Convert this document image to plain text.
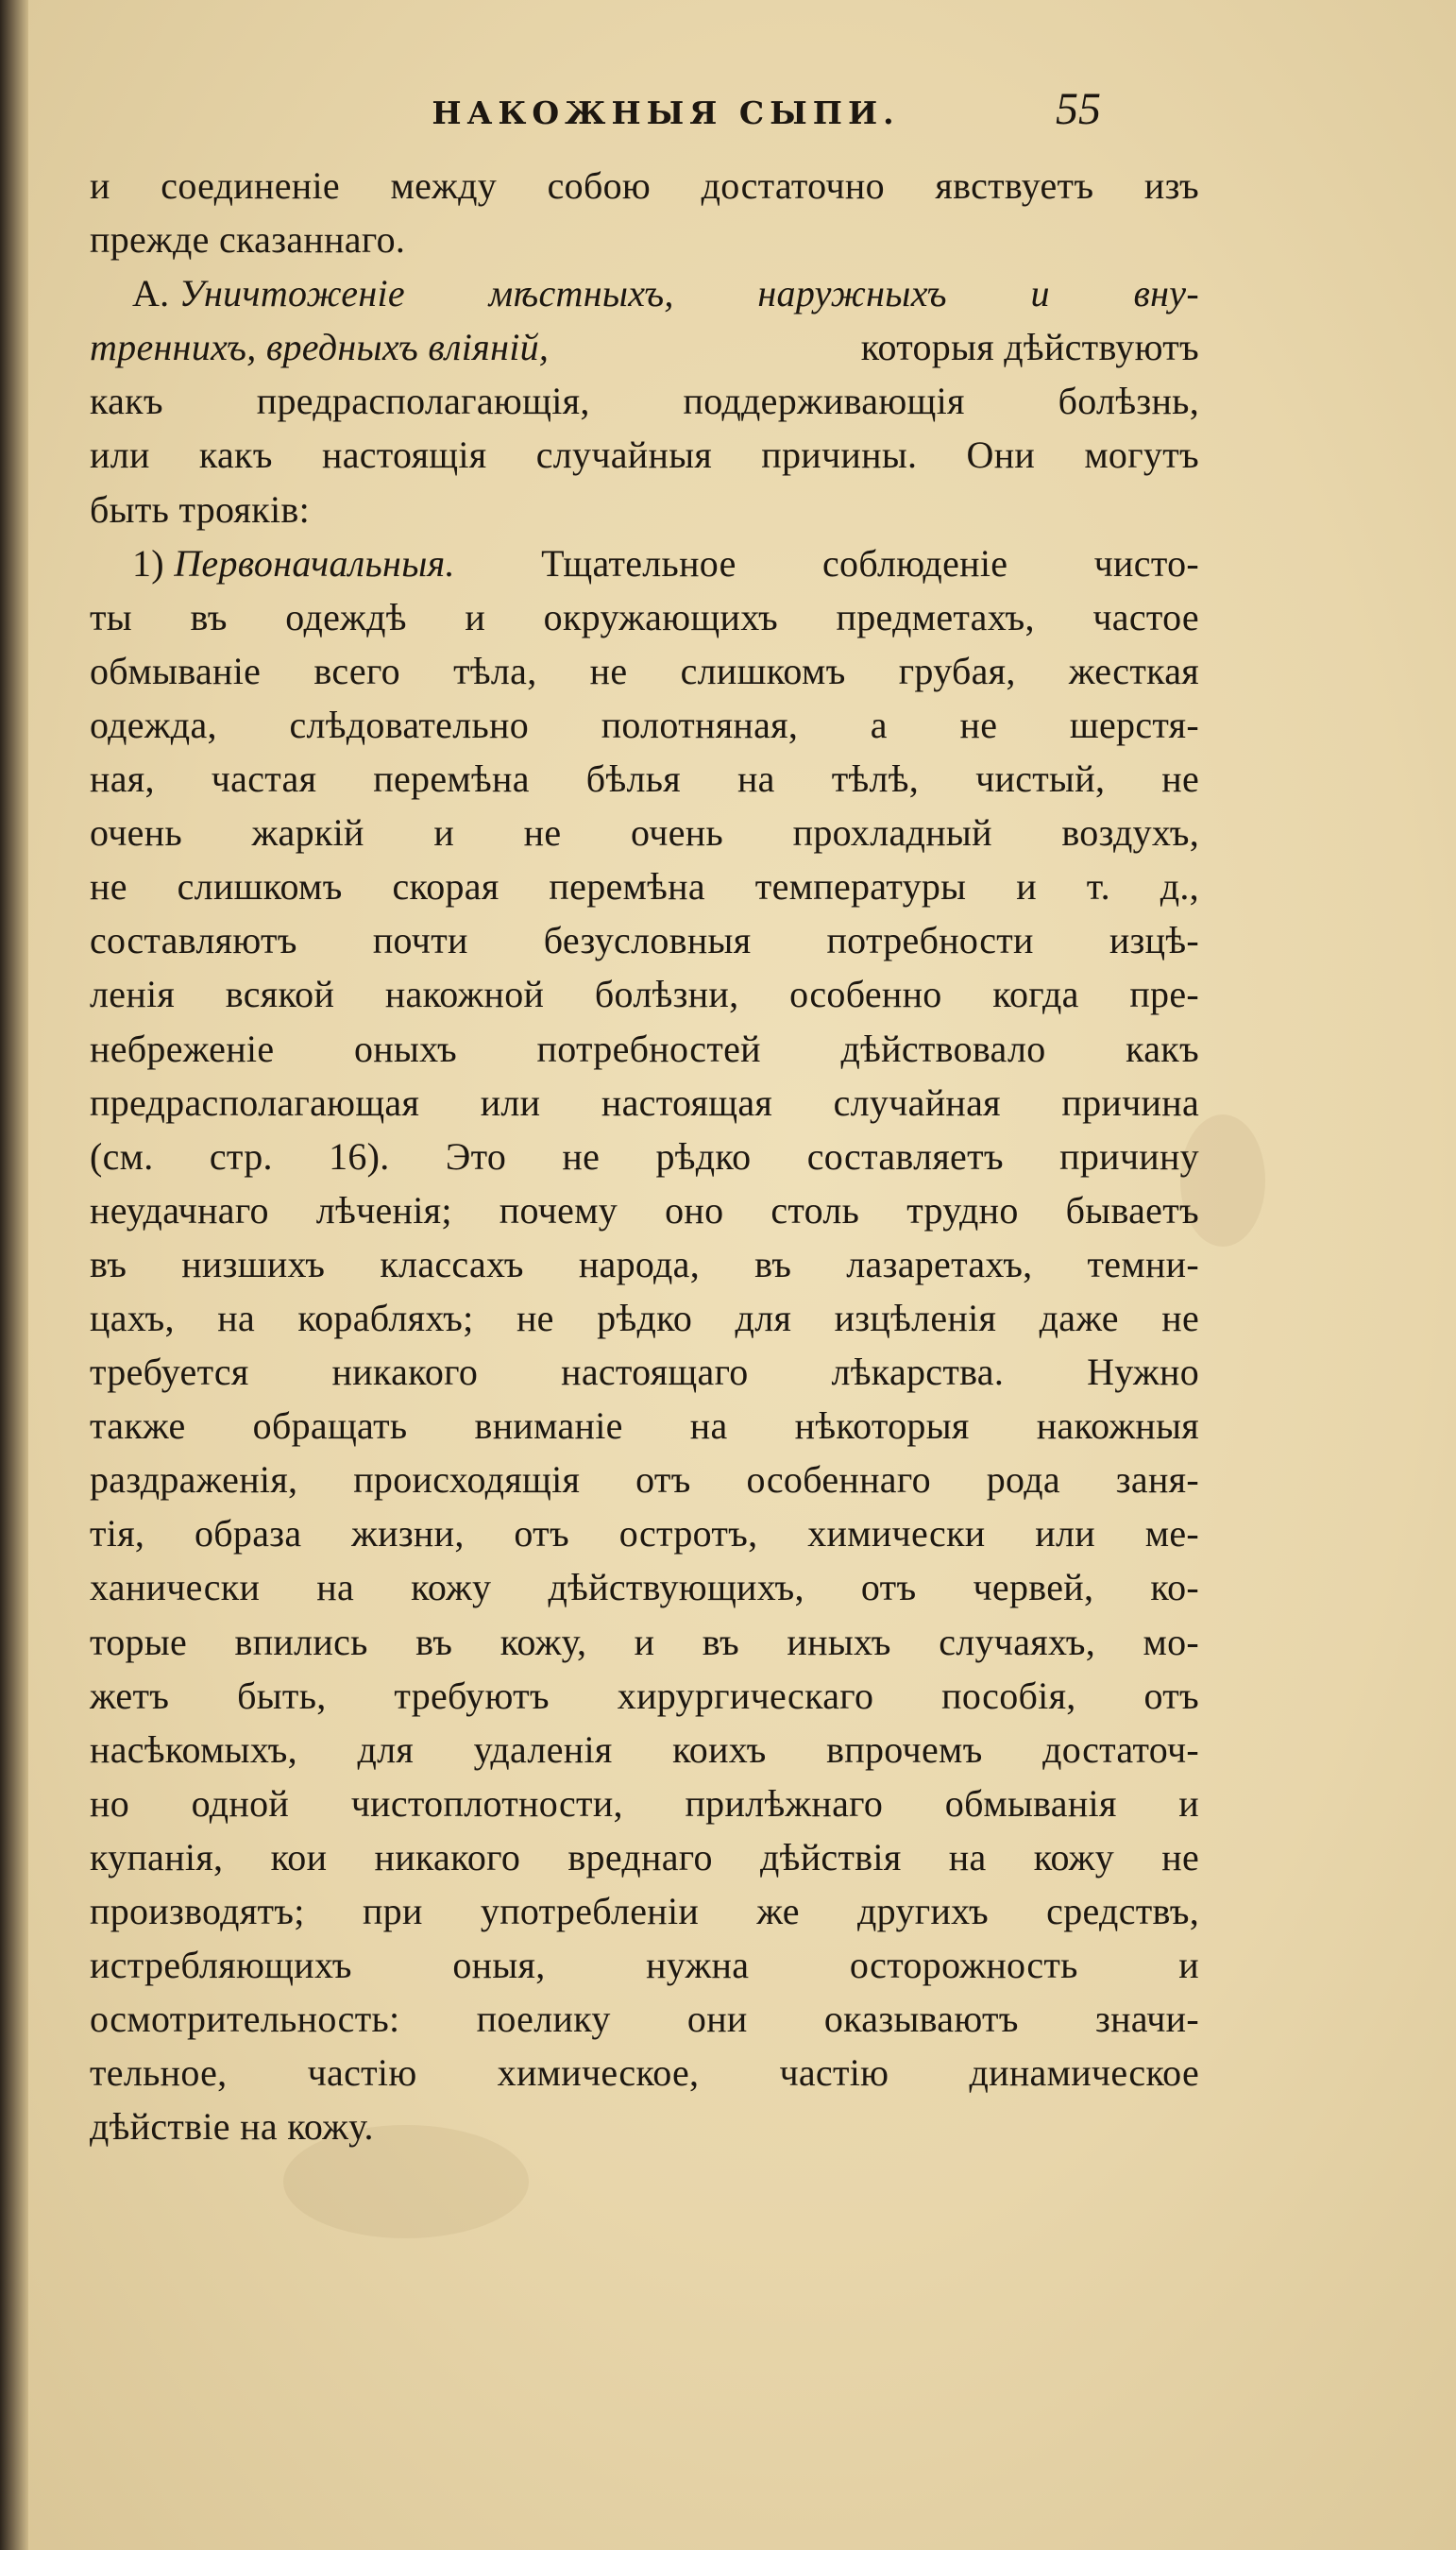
НАКОЖНЫЯ СЫПИ.	55
и соединеніе между собою достаточно явствуетъ изъ
прежде сказаннаго.
А. Уничтоженіе мѣстныхъ, наружныхъ и вну-
треннихъ, вредныхъ вліяній,	которыя дѣйствуютъ
какъ предрасполагающія, поддерживающія болѣзнь,
или какъ настоящія случайныя причины. Они могутъ
быть трояків:
1) Первоначальныя. Тщательное соблюденіе чисто-
ты въ одеждѣ и окружающихъ предметахъ, частое
обмываніе всего тѣла, не слишкомъ грубая, жесткая
одежда, слѣдовательно полотняная, а не шерстя-
ная, частая перемѣна бѣлья на тѣлѣ, чистый, не
очень жаркій и не очень прохладный воздухъ,
не слишкомъ скорая перемѣна температуры и т. д.,
составляютъ почти безусловныя потребности изцѣ-
ленія всякой накожной болѣзни, особенно когда пре-
небреженіе оныхъ потребностей дѣйствовало какъ
предрасполагающая или настоящая случайная причина
(см. стр. 16). Это не рѣдко составляетъ причину
неудачнаго лѣченія; почему оно столь трудно бываетъ
въ низшихъ классахъ народа, въ лазаретахъ, темни-
цахъ, на корабляхъ; не рѣдко для изцѣленія даже не
требуется никакого настоящаго лѣкарства. Нужно
также обращать вниманіе на нѣкоторыя накожныя
раздраженія, происходящія отъ особеннаго рода заня-
тія, образа жизни, отъ остротъ, химически или ме-
ханически на кожу дѣйствующихъ, отъ червей, ко-
торые впились въ кожу, и въ иныхъ случаяхъ, мо-
жетъ быть, требуютъ хирургическаго пособія, отъ
насѣкомыхъ, для удаленія коихъ впрочемъ достаточ-
но одной чистоплотности, прилѣжнаго обмыванія и
купанія, кои никакого вреднаго дѣйствія на кожу не
производятъ; при употребленіи же другихъ средствъ,
истребляющихъ оныя, нужна осторожность и
осмотрительность: поелику они оказываютъ значи-
тельное, частію химическое, частію динамическое
дѣйствіе на кожу.
